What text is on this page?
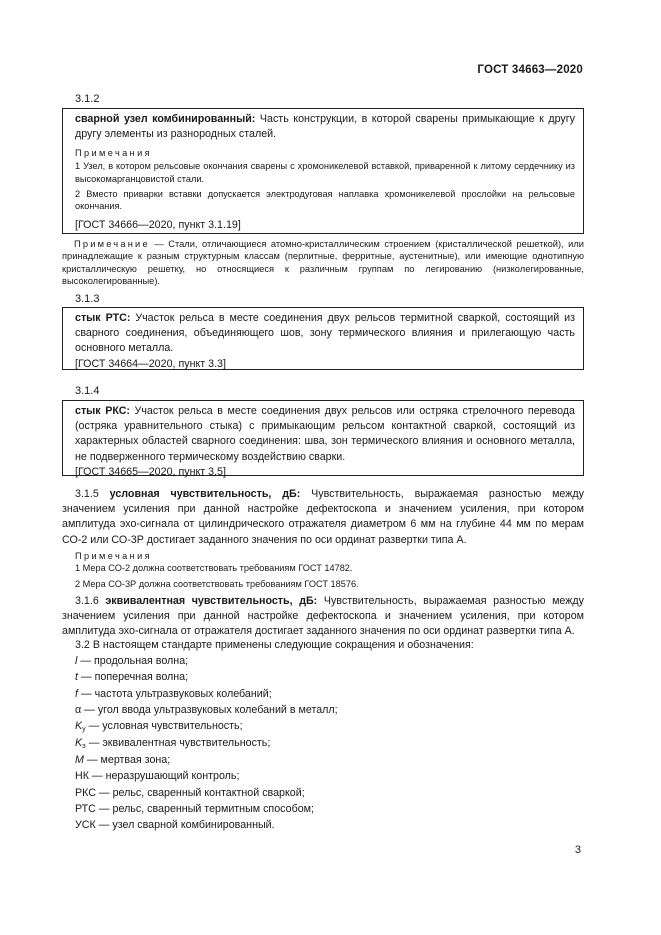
ГОСТ 34663—2020
3.1.2
сварной узел комбинированный: Часть конструкции, в которой сварены примыкающие к другу другу элементы из разнородных сталей.
Примечания
1 Узел, в котором рельсовые окончания сварены с хромоникелевой вставкой, приваренной к литому сердечнику из высокомарганцовистой стали.
2 Вместо приварки вставки допускается электродуговая наплавка хромоникелевой прослойки на рельсовые окончания.
[ГОСТ 34666—2020, пункт 3.1.19]
Примечание — Стали, отличающиеся атомно-кристаллическим строением (кристаллической решеткой), или принадлежащие к разным структурным классам (перлитные, ферритные, аустенитные), или имеющие однотипную кристаллическую решетку, но относящиеся к различным группам по легированию (низколегированные, высоколегированные).
3.1.3
стык РТС: Участок рельса в месте соединения двух рельсов термитной сваркой, состоящий из сварного соединения, объединяющего шов, зону термического влияния и прилегающую часть основного металла.
[ГОСТ 34664—2020, пункт 3.3]
3.1.4
стык РКС: Участок рельса в месте соединения двух рельсов или остряка стрелочного перевода (остряка уравнительного стыка) с примыкающим рельсом контактной сваркой, состоящий из характерных областей сварного соединения: шва, зон термического влияния и основного металла, не подверженного термическому воздействию сварки.
[ГОСТ 34665—2020, пункт 3.5]
3.1.5 условная чувствительность, дБ: Чувствительность, выражаемая разностью между значением усиления при данной настройке дефектоскопа и значением усиления, при котором амплитуда эхо-сигнала от цилиндрического отражателя диаметром 6 мм на глубине 44 мм по мерам СО-2 или СО-3Р достигает заданного значения по оси ординат развертки типа А.
Примечания
1 Мера СО-2 должна соответствовать требованиям ГОСТ 14782.
2 Мера СО-3Р должна соответствовать требованиям ГОСТ 18576.
3.1.6 эквивалентная чувствительность, дБ: Чувствительность, выражаемая разностью между значением усиления при данной настройке дефектоскопа и значением усиления, при котором амплитуда эхо-сигнала от отражателя достигает заданного значения по оси ординат развертки типа А.
3.2 В настоящем стандарте применены следующие сокращения и обозначения:
l — продольная волна;
t — поперечная волна;
f — частота ультразвуковых колебаний;
α — угол ввода ультразвуковых колебаний в металл;
$K_у$ — условная чувствительность;
$K_э$ — эквивалентная чувствительность;
M — мертвая зона;
НК — неразрушающий контроль;
РКС — рельс, сваренный контактной сваркой;
РТС — рельс, сваренный термитным способом;
УСК — узел сварной комбинированный.
3
